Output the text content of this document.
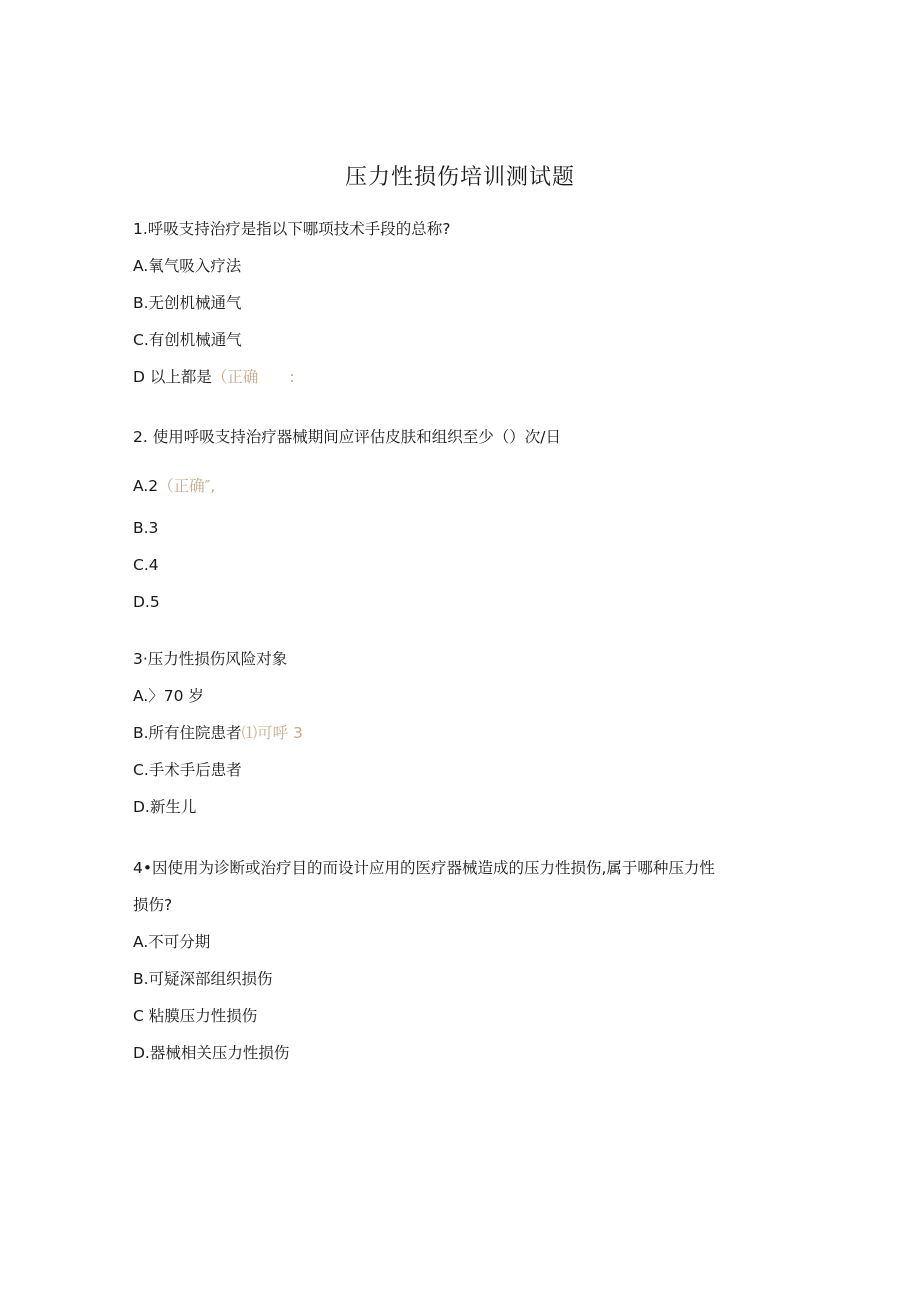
压力性损伤培训测试题
1.呼吸支持治疗是指以下哪项技术手段的总称?
A.氧气吸入疗法
B.无创机械通气
C.有创机械通气
D 以上都是（正确　　:
2. 使用呼吸支持治疗器械期间应评估皮肤和组织至少（）次/日
A.2（正确″,
B.3
C.4
D.5
3·压力性损伤风险对象
A.〉70 岁
B.所有住院患者⑴可呼 3
C.手术手后患者
D.新生儿
4•因使用为诊断或治疗目的而设计应用的医疗器械造成的压力性损伤,属于哪种压力性
损伤?
A.不可分期
B.可疑深部组织损伤
C 粘膜压力性损伤
D.器械相关压力性损伤
